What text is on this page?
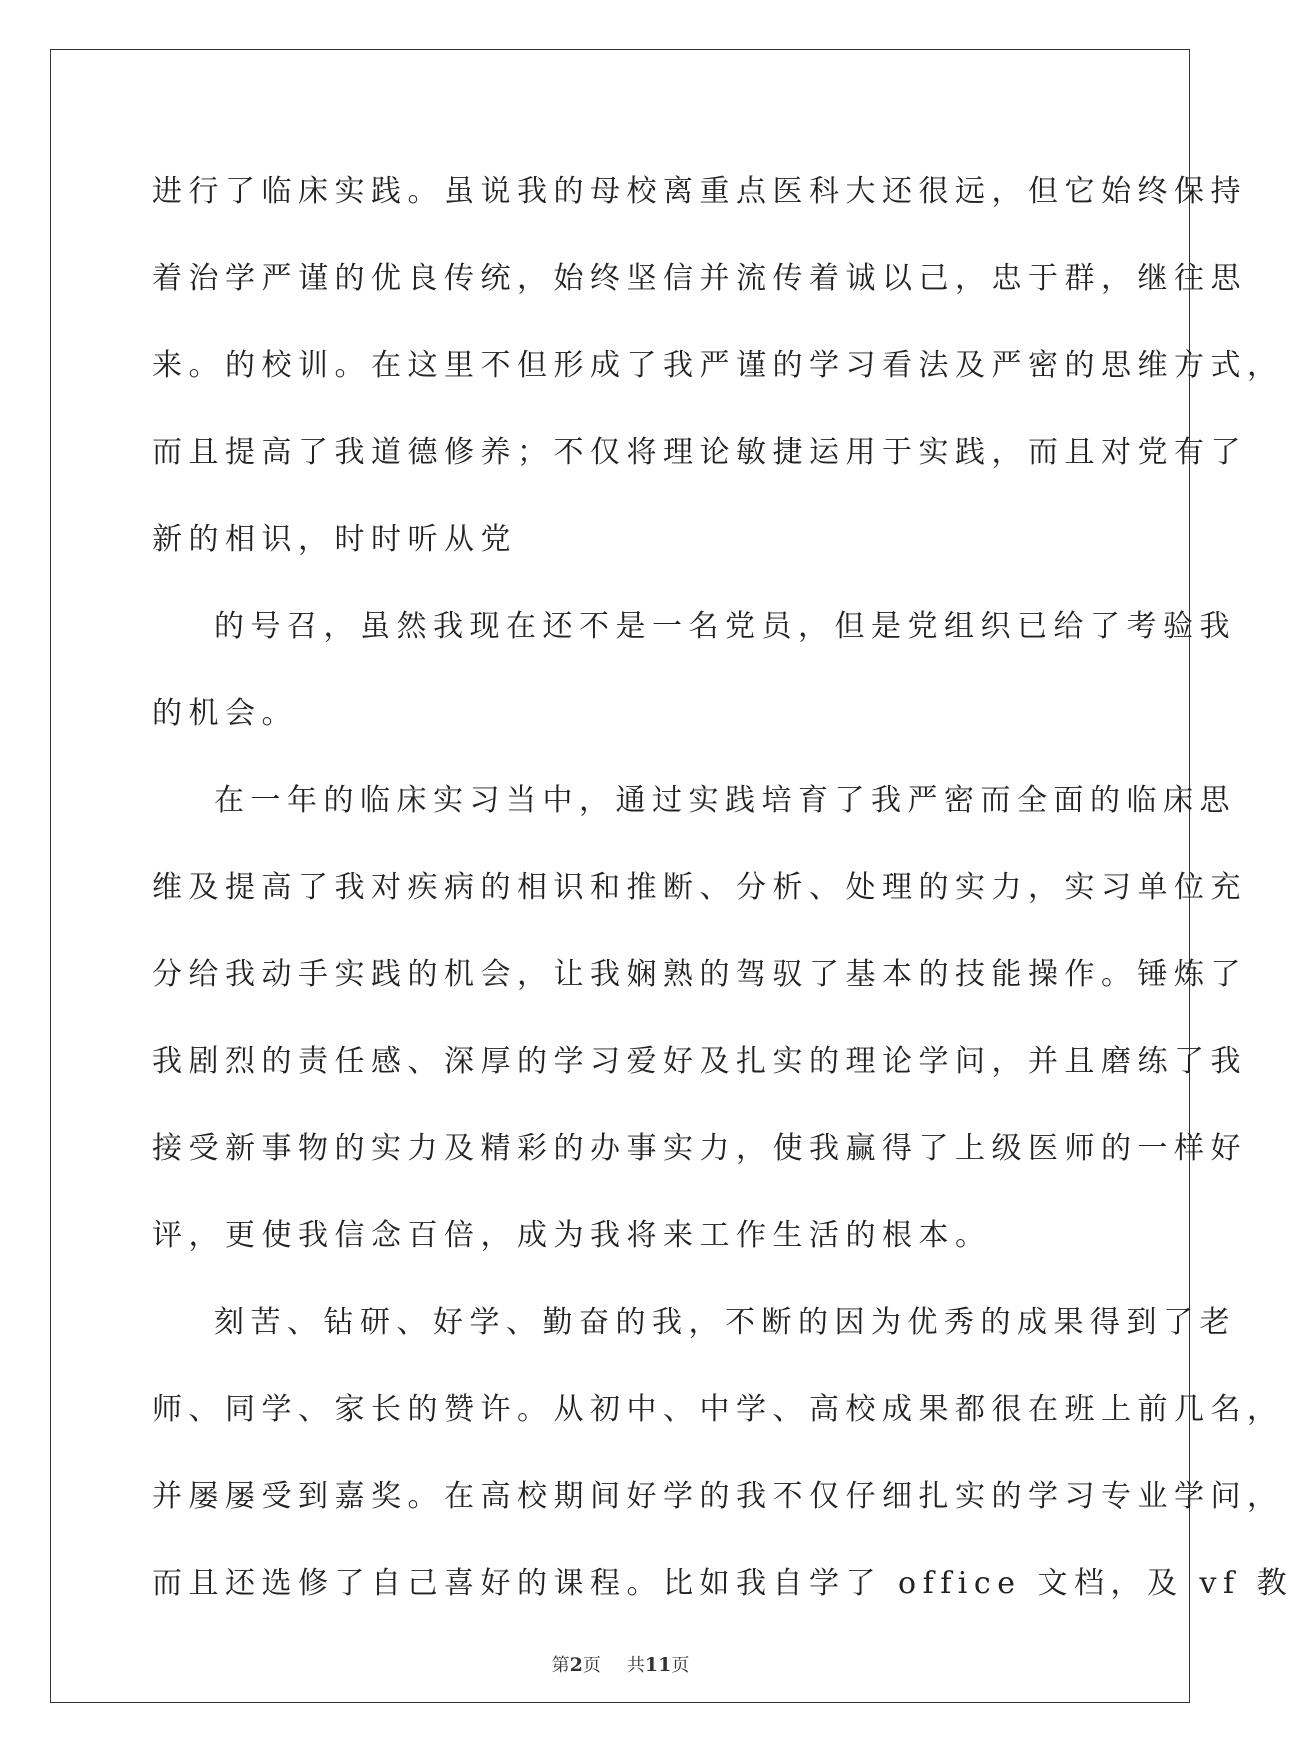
进行了临床实践。虽说我的母校离重点医科大还很远，但它始终保持
着治学严谨的优良传统，始终坚信并流传着诚以己，忠于群，继往思
来。的校训。在这里不但形成了我严谨的学习看法及严密的思维方式，
而且提高了我道德修养；不仅将理论敏捷运用于实践，而且对党有了
新的相识，时时听从党
的号召，虽然我现在还不是一名党员，但是党组织已给了考验我
的机会。
在一年的临床实习当中，通过实践培育了我严密而全面的临床思
维及提高了我对疾病的相识和推断、分析、处理的实力，实习单位充
分给我动手实践的机会，让我娴熟的驾驭了基本的技能操作。锤炼了
我剧烈的责任感、深厚的学习爱好及扎实的理论学问，并且磨练了我
接受新事物的实力及精彩的办事实力，使我赢得了上级医师的一样好
评，更使我信念百倍，成为我将来工作生活的根本。
刻苦、钻研、好学、勤奋的我，不断的因为优秀的成果得到了老
师、同学、家长的赞许。从初中、中学、高校成果都很在班上前几名，
并屡屡受到嘉奖。在高校期间好学的我不仅仔细扎实的学习专业学问，
而且还选修了自己喜好的课程。比如我自学了 office 文档，及 vf 教
第2页 共11页
